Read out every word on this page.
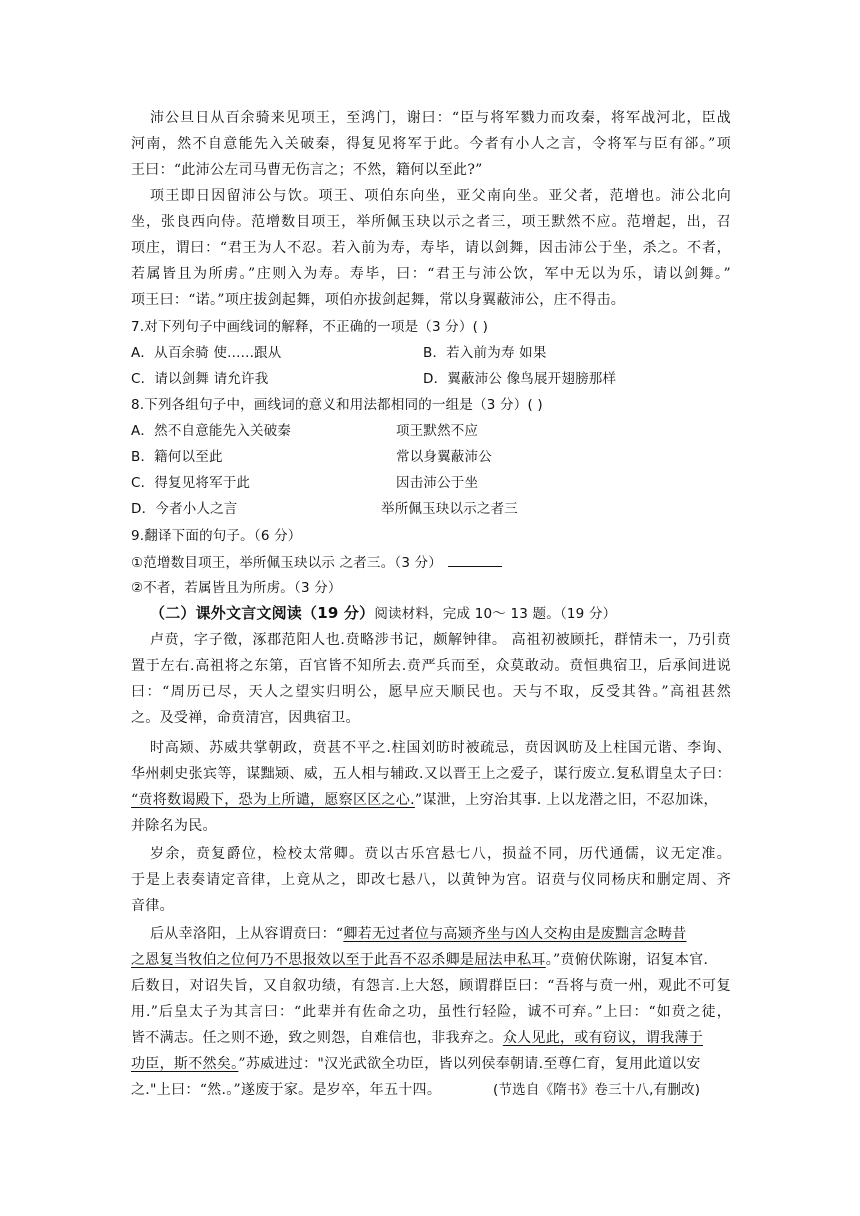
沛公旦日从百余骑来见项王，至鸿门，谢曰：“臣与将军戮力而攻秦，将军战河北，臣战
河南，然不自意能先入关破秦，得复见将军于此。今者有小人之言，令将军与臣有郤。”项
王曰：“此沛公左司马曹无伤言之；不然，籍何以至此?”
项王即日因留沛公与饮。项王、项伯东向坐，亚父南向坐。亚父者，范增也。沛公北向
坐，张良西向侍。范增数目项王，举所佩玉玦以示之者三，项王默然不应。范增起，出，召
项庄，谓曰：“君王为人不忍。若入前为寿，寿毕，请以剑舞，因击沛公于坐，杀之。不者，
若属皆且为所虏。”庄则入为寿。寿毕，曰：“君王与沛公饮，军中无以为乐，请以剑舞。”
项王曰：“诺。”项庄拔剑起舞，项伯亦拔剑起舞，常以身翼蔽沛公，庄不得击。
7.对下列句子中画线词的解释，不正确的一项是（3 分）( )
A．从百余骑 使......跟从	B．若入前为寿 如果
C．请以剑舞 请允许我	D．翼蔽沛公 像鸟展开翅膀那样
8.下列各组句子中，画线词的意义和用法都相同的一组是（3 分）( )
A．然不自意能先入关破秦	项王默然不应
B．籍何以至此	常以身翼蔽沛公
C．得复见将军于此	因击沛公于坐
D．今者小人之言	举所佩玉玦以示之者三
9.翻译下面的句子。（6 分）
①范增数目项王，举所佩玉玦以示 之者三。（3 分）
②不者，若属皆且为所虏。（3 分）
（二）课外文言文阅读（19 分）阅读材料，完成 10～ 13 题。（19 分）
卢贲，字子徵，涿郡范阳人也.贲略涉书记，颇解钟律。 高祖初被顾托，群情未一，乃引贲
置于左右.高祖将之东第，百官皆不知所去.贲严兵而至，众莫敢动。贲恒典宿卫，后承间进说
曰：“周历已尽，天人之望实归明公，愿早应天顺民也。天与不取，反受其咎。”高祖甚然
之。及受禅，命贲清宫，因典宿卫。
时高颎、苏威共掌朝政，贲甚不平之.柱国刘昉时被疏忌，贲因讽昉及上柱国元谐、李询、
华州刺史张宾等，谋黜颎、威，五人相与辅政.又以晋王上之爱子，谋行废立.复私谓皇太子曰：
“贲将数谒殿下，恐为上所谴，愿察区区之心.”谋泄，上穷治其事. 上以龙潜之旧，不忍加诛，
并除名为民。
岁余，贲复爵位，检校太常卿。贲以古乐宫悬七八，损益不同，历代通儒，议无定准。
于是上表奏请定音律，上竟从之，即改七悬八，以黄钟为宫。诏贲与仪同杨庆和删定周、齐
音律。
后从幸洛阳，上从容谓贲曰：“卿若无过者位与高颎齐坐与凶人交构由是废黜言念畴昔
之恩复当牧伯之位何乃不思报效以至于此吾不忍杀卿是屈法申私耳。”贲俯伏陈谢，诏复本官.
后数日，对诏失旨，又自叙功绩，有怨言.上大怒，顾谓群臣曰：“吾将与贲一州，观此不可复
用.”后皇太子为其言曰：“此辈并有佐命之功，虽性行轻险，诚不可弃。”上曰：“如贲之徒，
皆不满志。任之则不逊，致之则怨，自难信也，非我弃之。众人见此，或有窃议，谓我薄于
功臣，斯不然矣。”苏威进过："汉光武欲全功臣，皆以列侯奉朝请.至尊仁育，复用此道以安
之."上曰：“然.。”遂废于家。是岁卒，年五十四。	(节选自《隋书》卷三十八,有删改)
